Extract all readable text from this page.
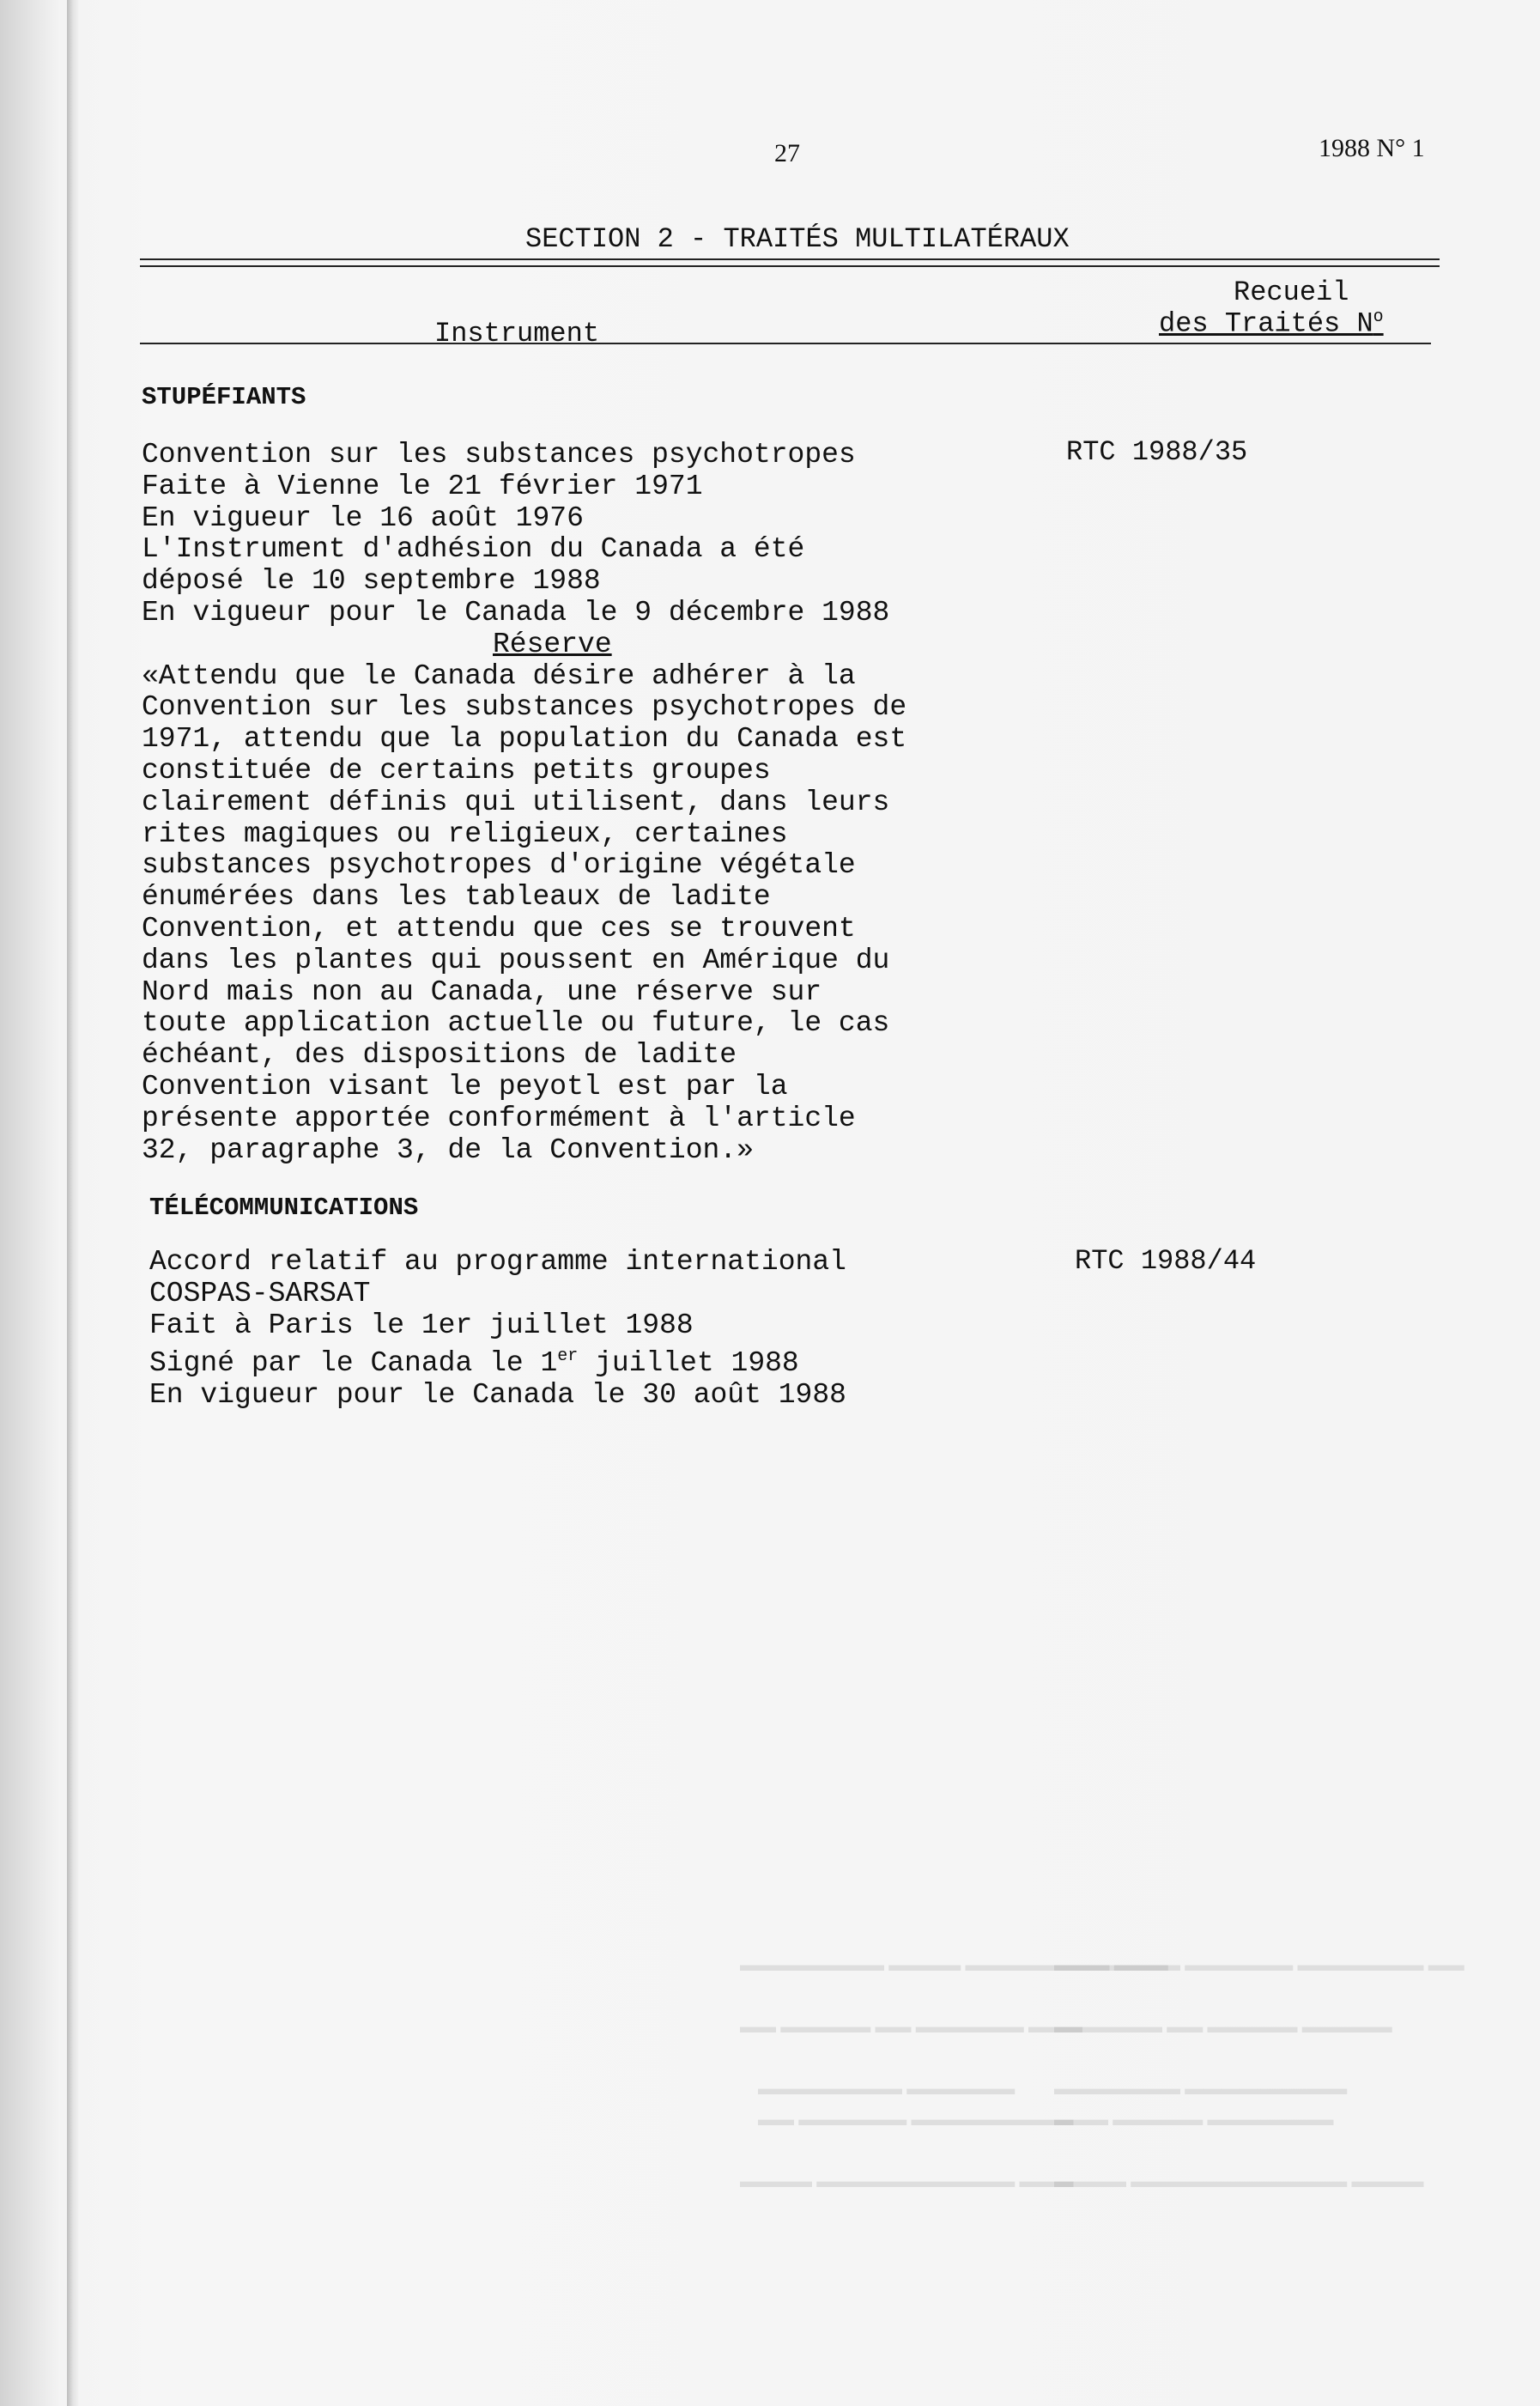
27	1988 N° 1

SECTION 2 - TRAITÉS MULTILATÉRAUX

Recueil

des Traités $N^o$

Instrument

STUPÉFIANTS

RTC 1988/35

Convention sur les substances psychotropes
Faite à Vienne le 21 février 1971
En vigueur le 16 août 1976
L'Instrument d'adhésion du Canada a été
déposé le 10 septembre 1988
En vigueur pour le Canada le 9 décembre 1988
Réserve
«Attendu que le Canada désire adhérer à la
Convention sur les substances psychotropes de
1971, attendu que la population du Canada est
constituée de certains petits groupes
clairement définis qui utilisent, dans leurs
rites magiques ou religieux, certaines
substances psychotropes d'origine végétale
énumérées dans les tableaux de ladite
Convention, et attendu que ces se trouvent
dans les plantes qui poussent en Amérique du
Nord mais non au Canada, une réserve sur
toute application actuelle ou future, le cas
échéant, des dispositions de ladite
Convention visant le peyotl est par la
présente apportée conformément à l'article
32, paragraphe 3, de la Convention.»

TÉLÉCOMMUNICATIONS

RTC 1988/44

Accord relatif au programme international
COSPAS-SARSAT
Fait à Paris le 1er juillet 1988
Signé par le Canada le 1er juillet 1988
En vigueur pour le Canada le 30 août 1988

▬▬▬▬▬▬▬▬ ▬▬▬▬ ▬▬▬▬▬▬▬▬ ▬▬▬

▬▬ ▬▬▬▬▬ ▬▬ ▬▬▬▬▬▬ ▬▬▬

▬▬▬▬▬▬▬▬ ▬▬▬▬▬▬
▬▬ ▬▬▬▬▬▬ ▬▬▬▬▬▬▬▬▬

▬▬▬▬ ▬▬▬▬▬▬▬▬▬▬▬ ▬▬▬

▬▬▬▬▬▬▬ ▬▬▬▬▬▬ ▬▬▬▬▬▬▬ ▬▬

▬▬▬▬▬▬ ▬▬ ▬▬▬▬▬ ▬▬▬▬▬

▬▬▬▬▬▬▬ ▬▬▬▬▬▬▬▬▬
▬▬▬ ▬▬▬▬▬ ▬▬▬▬▬▬▬

▬▬▬▬ ▬▬▬▬▬▬▬▬▬▬▬▬ ▬▬▬▬
